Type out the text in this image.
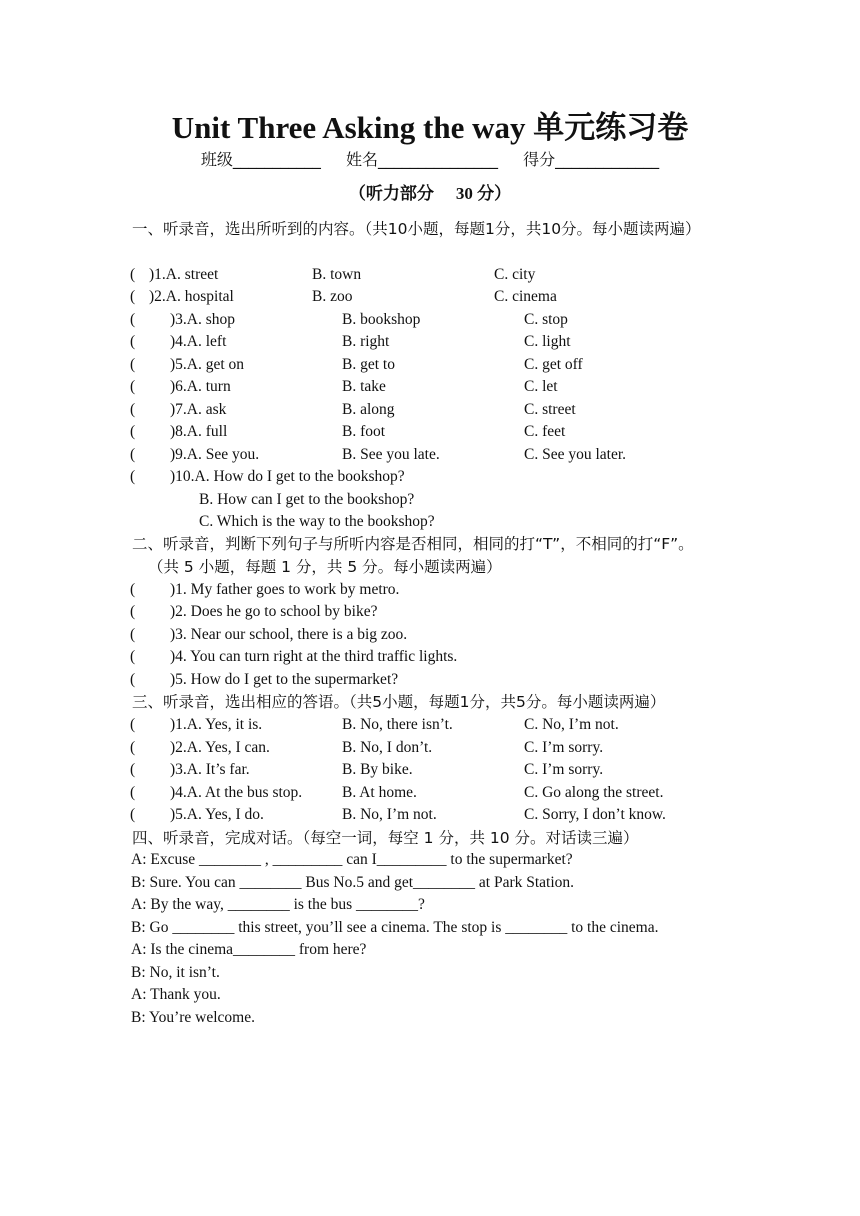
Unit Three Asking the way 单元练习卷
班级___________ 姓名_______________ 得分_____________
（听力部分 30 分）
一、听录音，选出所听到的内容。（共10小题，每题1分，共10分。每小题读两遍）
( )1.A. street	B. town	C. city
( )2.A. hospital	B. zoo	C. cinema
( )3.A. shop	B. bookshop	C. stop
( )4.A. left	B. right	C. light
( )5.A. get on	B. get to	C. get off
( )6.A. turn	B. take	C. let
( )7.A. ask	B. along	C. street
( )8.A. full	B. foot	C. feet
( )9.A. See you.	B. See you late.	C. See you later.
( )10.A. How do I get to the bookshop?
B. How can I get to the bookshop?
C. Which is the way to the bookshop?
二、听录音，判断下列句子与所听内容是否相同，相同的打“T”，不相同的打“F”。
（共 5 小题，每题 1 分，共 5 分。每小题读两遍）
( )1. My father goes to work by metro.
( )2. Does he go to school by bike?
( )3. Near our school, there is a big zoo.
( )4. You can turn right at the third traffic lights.
( )5. How do I get to the supermarket?
三、听录音，选出相应的答语。（共5小题，每题1分，共5分。每小题读两遍）
( )1.A. Yes, it is.	B. No, there isn’t.	C. No, I’m not.
( )2.A. Yes, I can.	B. No, I don’t.	C. I’m sorry.
( )3.A. It’s far.	B. By bike.	C. I’m sorry.
( )4.A. At the bus stop.	B. At home.	C. Go along the street.
( )5.A. Yes, I do.	B. No, I’m not.	C. Sorry, I don’t know.
四、听录音，完成对话。（每空一词，每空 1 分，共 10 分。对话读三遍）
A: Excuse ________ , _________ can I_________ to the supermarket?
B: Sure. You can ________ Bus No.5 and get________ at Park Station.
A: By the way, ________ is the bus ________?
B: Go ________ this street, you’ll see a cinema. The stop is ________ to the cinema.
A: Is the cinema________ from here?
B: No, it isn’t.
A: Thank you.
B: You’re welcome.
